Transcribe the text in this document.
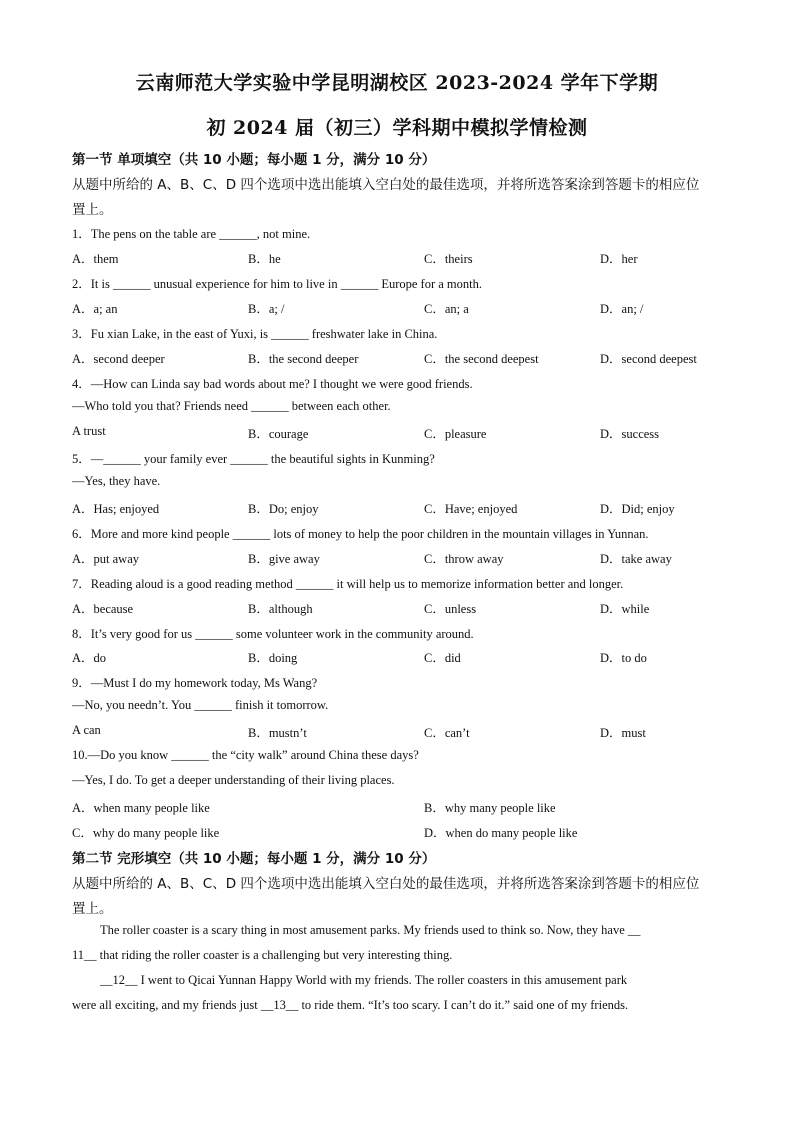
云南师范大学实验中学昆明湖校区 2023-2024 学年下学期
初 2024 届（初三）学科期中模拟学情检测
第一节 单项填空（共 10 小题；每小题 1 分，满分 10 分）
从题中所给的 A、B、C、D 四个选项中选出能填入空白处的最佳选项，并将所选答案涂到答题卡的相应位
置上。
1．The pens on the table are ______, not mine.
A．them	B．he	C．theirs	D．her
2．It is ______ unusual experience for him to live in ______ Europe for a month.
A．a; an	B．a; /	C．an; a	D．an; /
3．Fu xian Lake, in the east of Yuxi, is ______ freshwater lake in China.
A．second deeper	B．the second deeper	C．the second deepest	D．second deepest
4．—How can Linda say bad words about me? I thought we were good friends.
—Who told you that? Friends need ______ between each other.
A trust	B．courage	C．pleasure	D．success
5．—______ your family ever ______ the beautiful sights in Kunming?
—Yes, they have.
A．Has; enjoyed	B．Do; enjoy	C．Have; enjoyed	D．Did; enjoy
6．More and more kind people ______ lots of money to help the poor children in the mountain villages in Yunnan.
A．put away	B．give away	C．throw away	D．take away
7．Reading aloud is a good reading method ______ it will help us to memorize information better and longer.
A．because	B．although	C．unless	D．while
8．It’s very good for us ______ some volunteer work in the community around.
A．do	B．doing	C．did	D．to do
9．—Must I do my homework today, Ms Wang?
—No, you needn’t. You ______ finish it tomorrow.
A can	B．mustn’t	C．can’t	D．must
10.—Do you know ______ the “city walk” around China these days?
—Yes, I do. To get a deeper understanding of their living places.
A．when many people like	B．why many people like
C．why do many people like	D．when do many people like
第二节 完形填空（共 10 小题；每小题 1 分，满分 10 分）
从题中所给的 A、B、C、D 四个选项中选出能填入空白处的最佳选项，并将所选答案涂到答题卡的相应位
置上。
The roller coaster is a scary thing in most amusement parks. My friends used to think so. Now, they have __
11__ that riding the roller coaster is a challenging but very interesting thing.
__12__ I went to Qicai Yunnan Happy World with my friends. The roller coasters in this amusement park
were all exciting, and my friends just __13__ to ride them. “It’s too scary. I can’t do it.” said one of my friends.
